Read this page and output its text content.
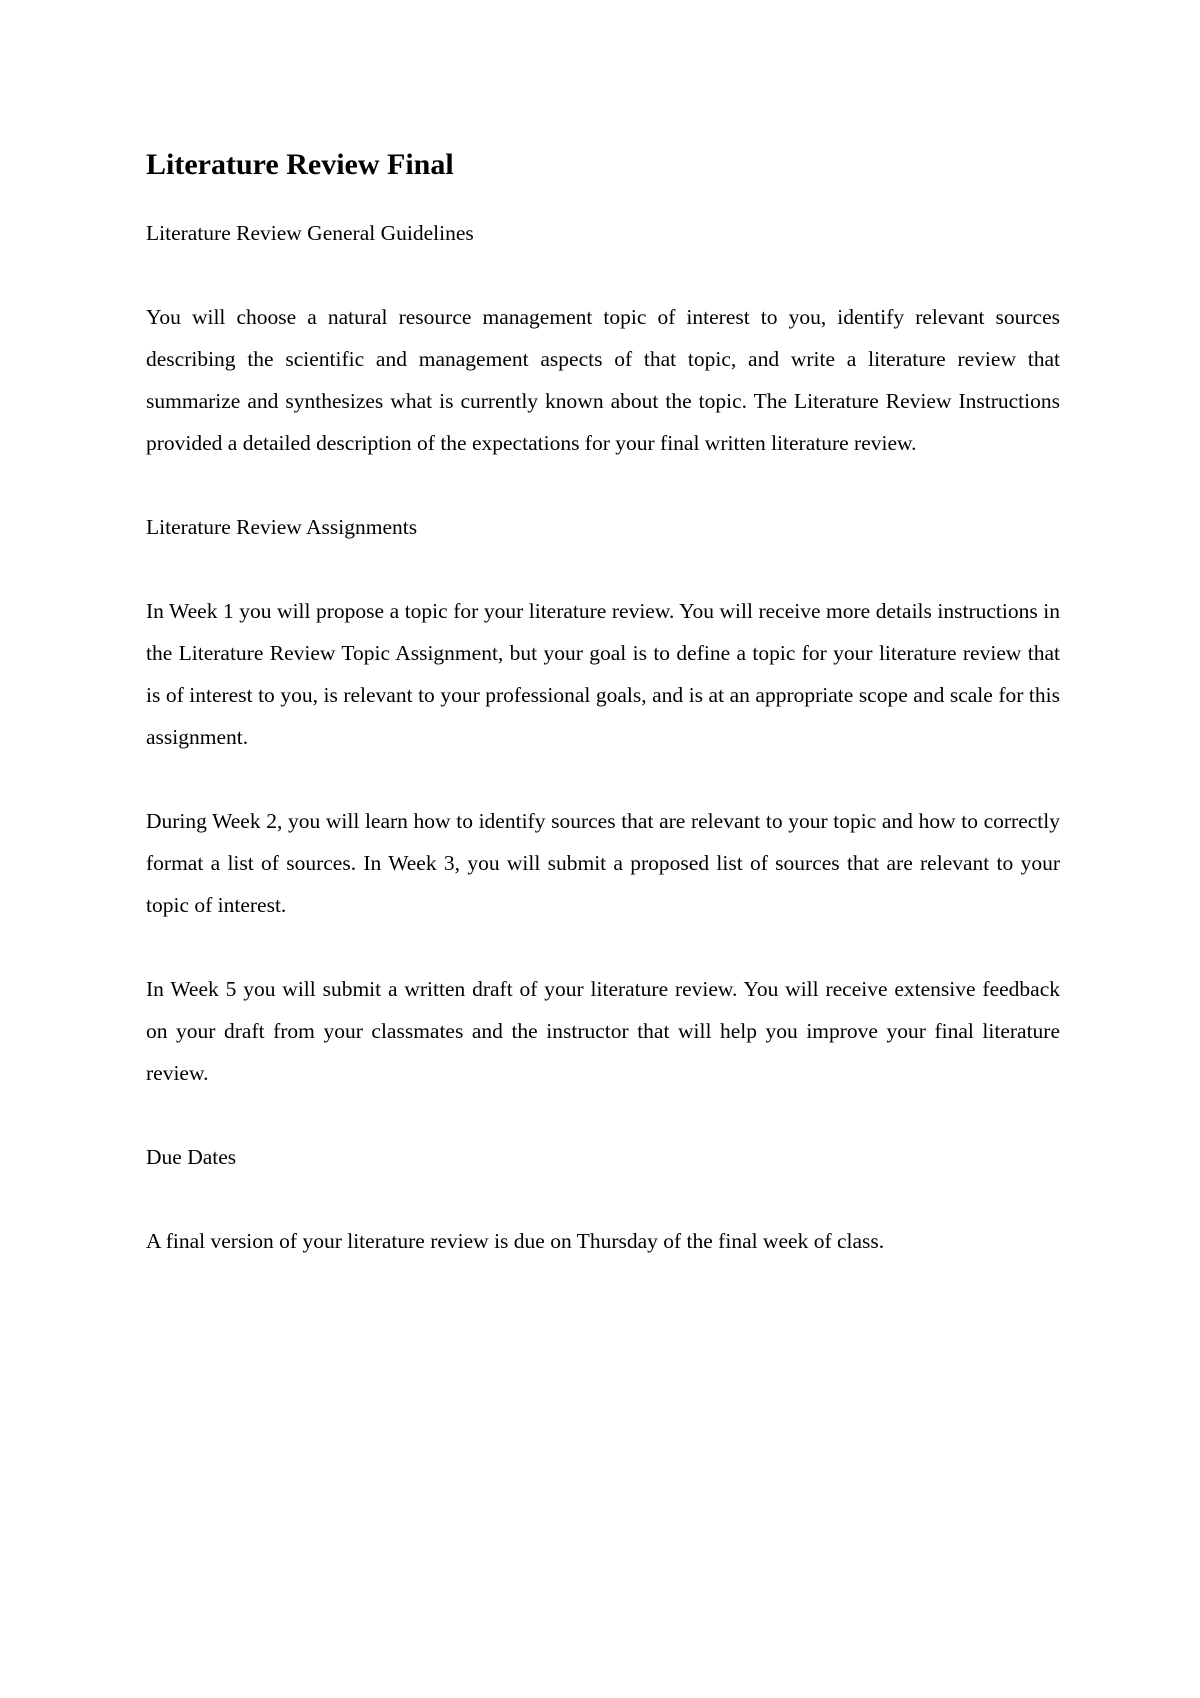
Literature Review Final
Literature Review General Guidelines

You will choose a natural resource management topic of interest to you, identify relevant sources describing the scientific and management aspects of that topic, and write a literature review that summarize and synthesizes what is currently known about the topic. The Literature Review Instructions provided a detailed description of the expectations for your final written literature review.

Literature Review Assignments

In Week 1 you will propose a topic for your literature review. You will receive more details instructions in the Literature Review Topic Assignment, but your goal is to define a topic for your literature review that is of interest to you, is relevant to your professional goals, and is at an appropriate scope and scale for this assignment.

During Week 2, you will learn how to identify sources that are relevant to your topic and how to correctly format a list of sources. In Week 3, you will submit a proposed list of sources that are relevant to your topic of interest.

In Week 5 you will submit a written draft of your literature review. You will receive extensive feedback on your draft from your classmates and the instructor that will help you improve your final literature review.

Due Dates

A final version of your literature review is due on Thursday of the final week of class.
